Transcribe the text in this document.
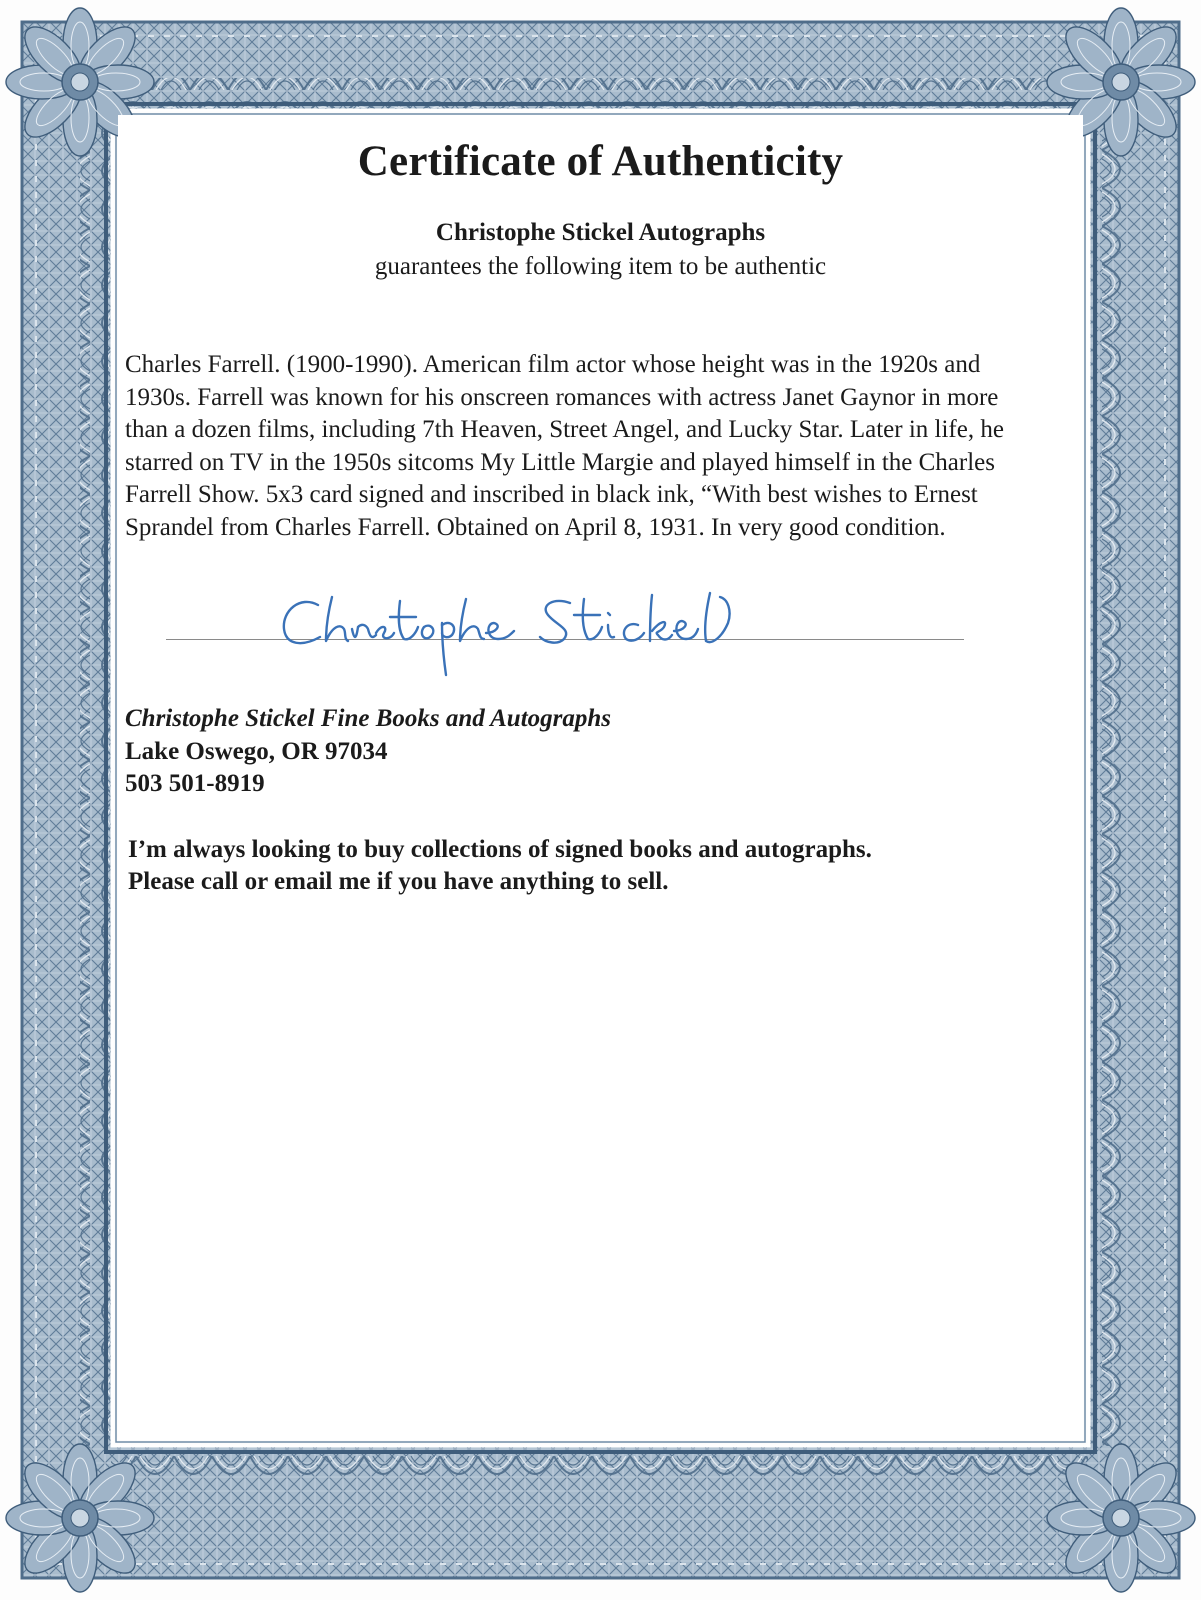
Certificate of Authenticity
Christophe Stickel Autographs
guarantees the following item to be authentic
Charles Farrell. (1900-1990). American film actor whose height was in the 1920s and 1930s. Farrell was known for his onscreen romances with actress Janet Gaynor in more than a dozen films, including 7th Heaven, Street Angel, and Lucky Star. Later in life, he starred on TV in the 1950s sitcoms My Little Margie and played himself in the Charles Farrell Show. 5x3 card signed and inscribed in black ink, “With best wishes to Ernest Sprandel from Charles Farrell. Obtained on April 8, 1931. In very good condition.
Christophe Stickel Fine Books and Autographs
Lake Oswego, OR 97034
503 501-8919
I’m always looking to buy collections of signed books and autographs.
Please call or email me if you have anything to sell.
